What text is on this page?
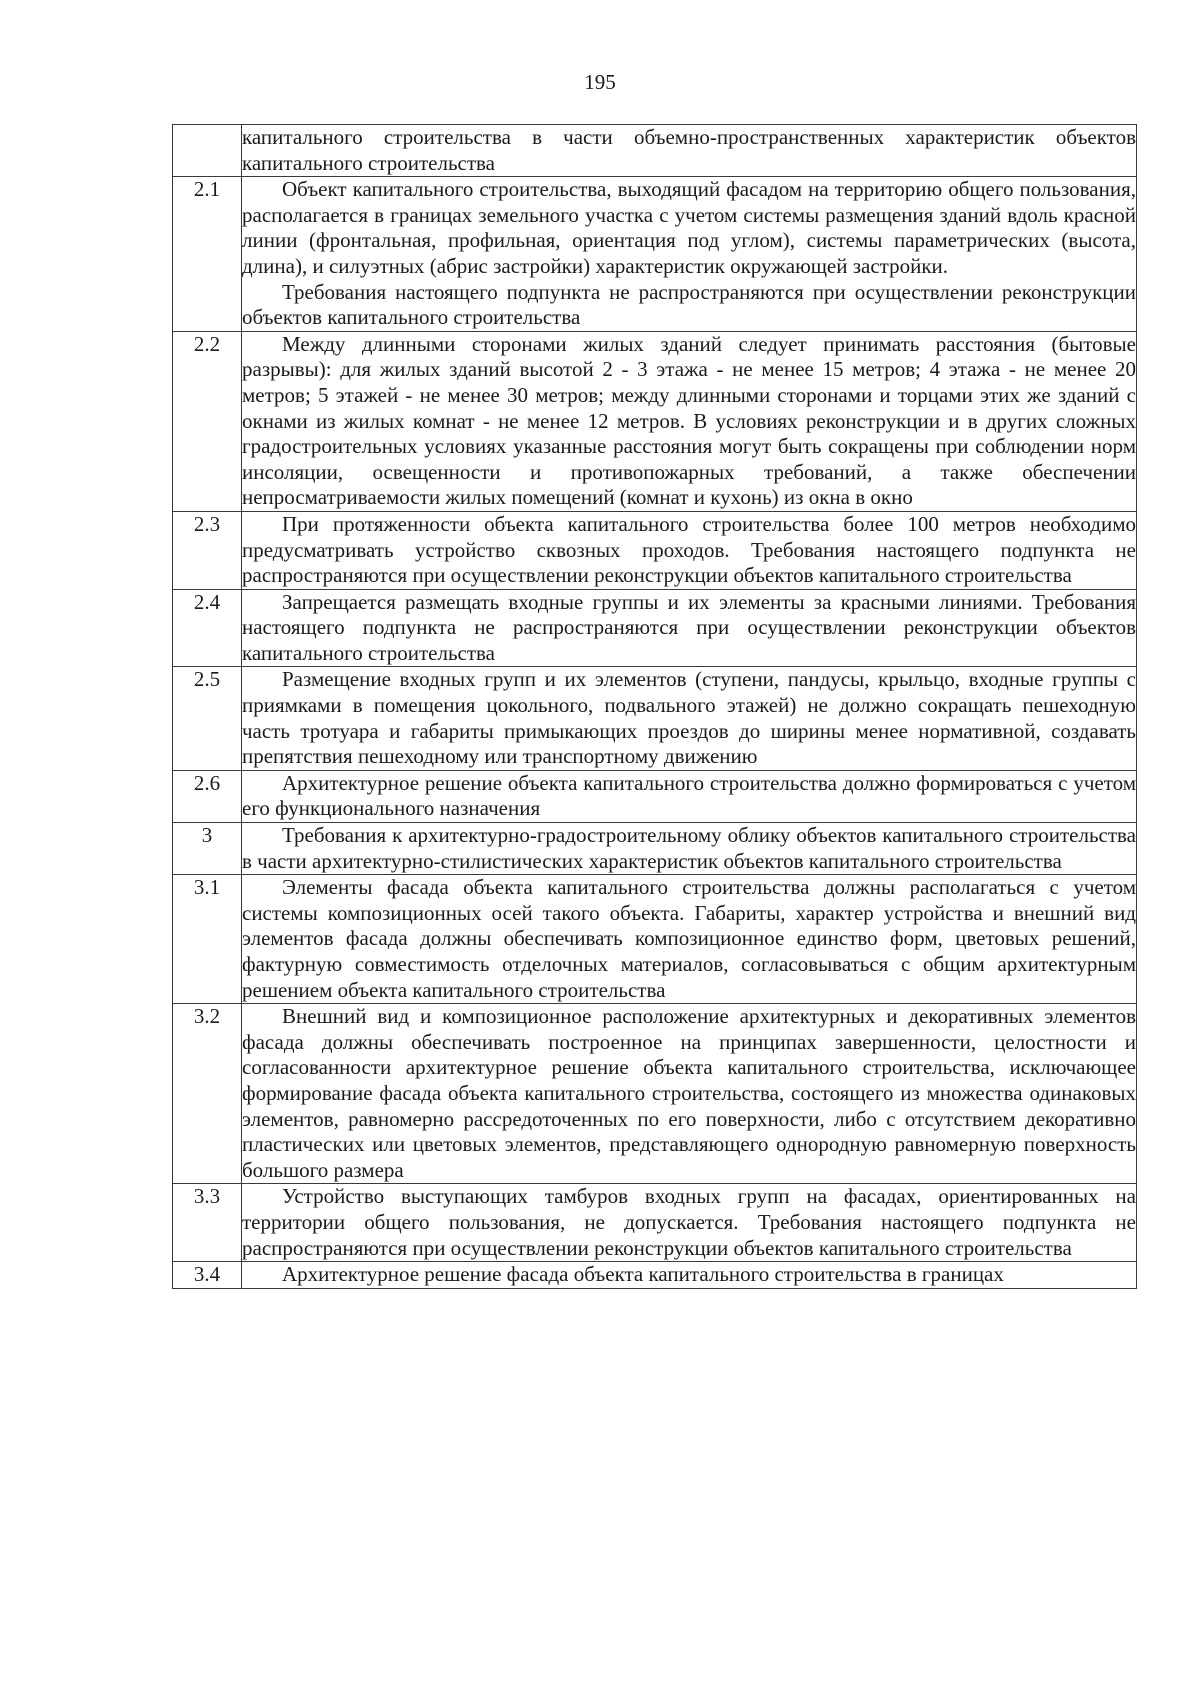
195

	капитального строительства в части объемно-пространственных характеристик объектов капитального строительства

2.1	Объект капитального строительства, выходящий фасадом на территорию общего пользования, располагается в границах земельного участка с учетом системы размещения зданий вдоль красной линии (фронтальная, профильная, ориентация под углом), системы параметрических (высота, длина), и силуэтных (абрис застройки) характеристик окружающей застройки.

Требования настоящего подпункта не распространяются при осуществлении реконструкции объектов капитального строительства

2.2	Между длинными сторонами жилых зданий следует принимать расстояния (бытовые разрывы): для жилых зданий высотой 2 - 3 этажа - не менее 15 метров; 4 этажа - не менее 20 метров; 5 этажей - не менее 30 метров; между длинными сторонами и торцами этих же зданий с окнами из жилых комнат - не менее 12 метров. В условиях реконструкции и в других сложных градостроительных условиях указанные расстояния могут быть сокращены при соблюдении норм инсоляции, освещенности и противопожарных требований, а также обеспечении непросматриваемости жилых помещений (комнат и кухонь) из окна в окно

2.3	При протяженности объекта капитального строительства более 100 метров необходимо предусматривать устройство сквозных проходов. Требования настоящего подпункта не распространяются при осуществлении реконструкции объектов капитального строительства

2.4	Запрещается размещать входные группы и их элементы за красными линиями. Требования настоящего подпункта не распространяются при осуществлении реконструкции объектов капитального строительства

2.5	Размещение входных групп и их элементов (ступени, пандусы, крыльцо, входные группы с приямками в помещения цокольного, подвального этажей) не должно сокращать пешеходную часть тротуара и габариты примыкающих проездов до ширины менее нормативной, создавать препятствия пешеходному или транспортному движению

2.6	Архитектурное решение объекта капитального строительства должно формироваться с учетом его функционального назначения

3	Требования к архитектурно-градостроительному облику объектов капитального строительства в части архитектурно-стилистических характеристик объектов капитального строительства

3.1	Элементы фасада объекта капитального строительства должны располагаться с учетом системы композиционных осей такого объекта. Габариты, характер устройства и внешний вид элементов фасада должны обеспечивать композиционное единство форм, цветовых решений, фактурную совместимость отделочных материалов, согласовываться с общим архитектурным решением объекта капитального строительства

3.2	Внешний вид и композиционное расположение архитектурных и декоративных элементов фасада должны обеспечивать построенное на принципах завершенности, целостности и согласованности архитектурное решение объекта капитального строительства, исключающее формирование фасада объекта капитального строительства, состоящего из множества одинаковых элементов, равномерно рассредоточенных по его поверхности, либо с отсутствием декоративно пластических или цветовых элементов, представляющего однородную равномерную поверхность большого размера

3.3	Устройство выступающих тамбуров входных групп на фасадах, ориентированных на территории общего пользования, не допускается. Требования настоящего подпункта не распространяются при осуществлении реконструкции объектов капитального строительства

3.4	Архитектурное решение фасада объекта капитального строительства в границах
